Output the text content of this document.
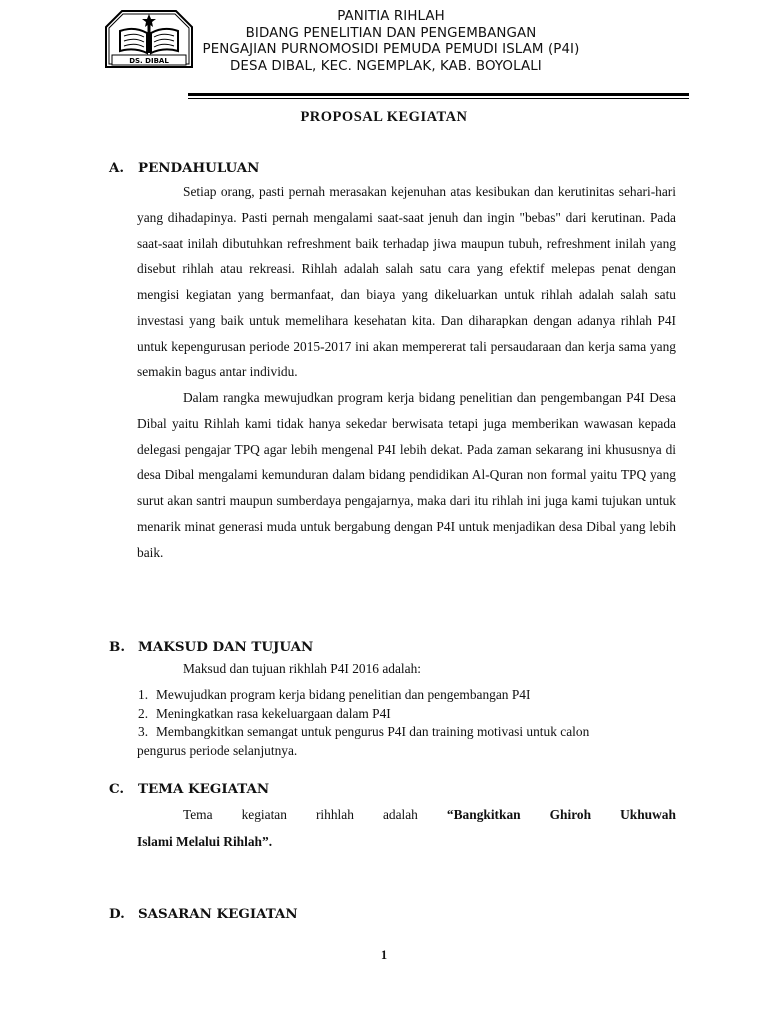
DS. DIBAL
PANITIA RIHLAH
BIDANG PENELITIAN DAN PENGEMBANGAN
PENGAJIAN PURNOMOSIDI PEMUDA PEMUDI ISLAM (P4I)
DESA DIBAL, KEC. NGEMPLAK, KAB. BOYOLALI
PROPOSAL KEGIATAN
A. PENDAHULUAN

Setiap orang, pasti pernah merasakan kejenuhan atas kesibukan dan kerutinitas sehari-hari yang dihadapinya. Pasti pernah mengalami saat-saat jenuh dan ingin "bebas" dari kerutinan. Pada saat-saat inilah dibutuhkan refreshment baik terhadap jiwa maupun tubuh, refreshment inilah yang disebut rihlah atau rekreasi. Rihlah adalah salah satu cara yang efektif melepas penat dengan mengisi kegiatan yang bermanfaat, dan biaya yang dikeluarkan untuk rihlah adalah salah satu investasi yang baik untuk memelihara kesehatan kita. Dan diharapkan dengan adanya rihlah P4I untuk kepengurusan periode 2015-2017 ini akan mempererat tali persaudaraan dan kerja sama yang semakin bagus antar individu.

Dalam rangka mewujudkan program kerja bidang penelitian dan pengembangan P4I Desa Dibal yaitu Rihlah kami tidak hanya sekedar berwisata tetapi juga memberikan wawasan kepada delegasi pengajar TPQ agar lebih mengenal P4I lebih dekat. Pada zaman sekarang ini khususnya di desa Dibal mengalami kemunduran dalam bidang pendidikan Al-Quran non formal yaitu TPQ yang surut akan santri maupun sumberdaya pengajarnya, maka dari itu rihlah ini juga kami tujukan untuk menarik minat generasi muda untuk bergabung dengan P4I untuk menjadikan desa Dibal yang lebih baik.

B. MAKSUD DAN TUJUAN
Maksud dan tujuan rikhlah P4I 2016 adalah:
1. Mewujudkan program kerja bidang penelitian dan pengembangan P4I
2. Meningkatkan rasa kekeluargaan dalam P4I
3. Membangkitkan semangat untuk pengurus P4I dan training motivasi untuk calon
pengurus periode selanjutnya.
C. TEMA KEGIATAN
Tema kegiatan rihhlah adalah “Bangkitkan Ghiroh Ukhuwah
Islami Melalui Rihlah”.
D. SASARAN KEGIATAN
1
